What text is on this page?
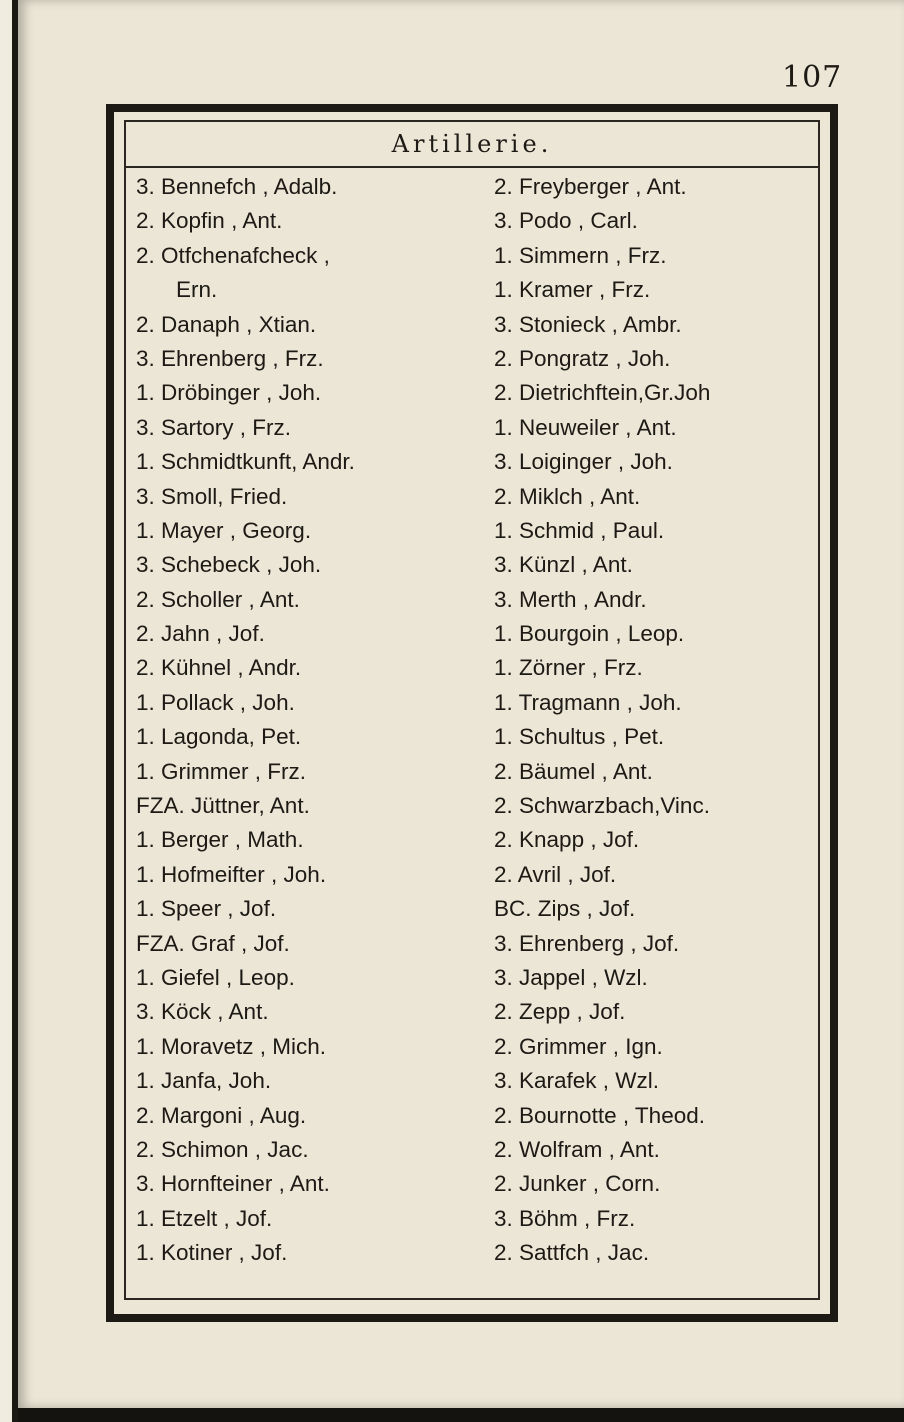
107
Artillerie.
3. Bennefch , Adalb.
2. Kopfin , Ant.
2. Otfchenafcheck ,
Ern.
2. Danaph , Xtian.
3. Ehrenberg , Frz.
1. Dröbinger , Joh.
3. Sartory , Frz.
1. Schmidtkunft, Andr.
3. Smoll, Fried.
1. Mayer , Georg.
3. Schebeck , Joh.
2. Scholler , Ant.
2. Jahn , Jof.
2. Kühnel , Andr.
1. Pollack , Joh.
1. Lagonda, Pet.
1. Grimmer , Frz.
FZA. Jüttner, Ant.
1. Berger , Math.
1. Hofmeifter , Joh.
1. Speer , Jof.
FZA. Graf , Jof.
1. Giefel , Leop.
3. Köck , Ant.
1. Moravetz , Mich.
1. Janfa, Joh.
2. Margoni , Aug.
2. Schimon , Jac.
3. Hornfteiner , Ant.
1. Etzelt , Jof.
1. Kotiner , Jof.
2. Freyberger , Ant.
3. Podo , Carl.
1. Simmern , Frz.
1. Kramer , Frz.
3. Stonieck , Ambr.
2. Pongratz , Joh.
2. Dietrichftein,Gr.Joh
1. Neuweiler , Ant.
3. Loiginger , Joh.
2. Miklch , Ant.
1. Schmid , Paul.
3. Künzl , Ant.
3. Merth , Andr.
1. Bourgoin , Leop.
1. Zörner , Frz.
1. Tragmann , Joh.
1. Schultus , Pet.
2. Bäumel , Ant.
2. Schwarzbach,Vinc.
2. Knapp , Jof.
2. Avril , Jof.
BC. Zips , Jof.
3. Ehrenberg , Jof.
3. Jappel , Wzl.
2. Zepp , Jof.
2. Grimmer , Ign.
3. Karafek , Wzl.
2. Bournotte , Theod.
2. Wolfram , Ant.
2. Junker , Corn.
3. Böhm , Frz.
2. Sattfch , Jac.
